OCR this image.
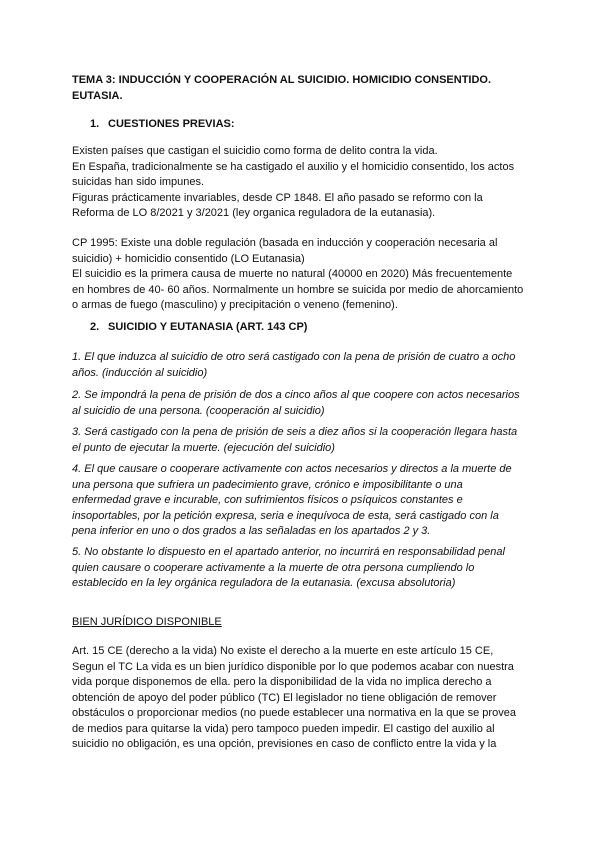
TEMA 3: INDUCCIÓN Y COOPERACIÓN AL SUICIDIO. HOMICIDIO CONSENTIDO.
EUTASIA.
1. CUESTIONES PREVIAS:
Existen países que castigan el suicidio como forma de delito contra la vida.
En España, tradicionalmente se ha castigado el auxilio y el homicidio consentido, los actos
suicidas han sido impunes.
Figuras prácticamente invariables, desde CP 1848. El año pasado se reformo con la
Reforma de LO 8/2021 y 3/2021 (ley organica reguladora de la eutanasia).
CP 1995: Existe una doble regulación (basada en inducción y cooperación necesaria al
suicidio) + homicidio consentido (LO Eutanasia)
El suicidio es la primera causa de muerte no natural (40000 en 2020) Más frecuentemente
en hombres de 40- 60 años. Normalmente un hombre se suicida por medio de ahorcamiento
o armas de fuego (masculino) y precipitación o veneno (femenino).
2. SUICIDIO Y EUTANASIA (ART. 143 CP)
1. El que induzca al suicidio de otro será castigado con la pena de prisión de cuatro a ocho
años. (inducción al suicidio)
2. Se impondrá la pena de prisión de dos a cinco años al que coopere con actos necesarios
al suicidio de una persona. (cooperación al suicidio)
3. Será castigado con la pena de prisión de seis a diez años si la cooperación llegara hasta
el punto de ejecutar la muerte. (ejecución del suicidio)
4. El que causare o cooperare activamente con actos necesarios y directos a la muerte de
una persona que sufriera un padecimiento grave, crónico e imposibilitante o una
enfermedad grave e incurable, con sufrimientos físicos o psíquicos constantes e
insoportables, por la petición expresa, seria e inequívoca de esta, será castigado con la
pena inferior en uno o dos grados a las señaladas en los apartados 2 y 3.
5. No obstante lo dispuesto en el apartado anterior, no incurrirá en responsabilidad penal
quien causare o cooperare activamente a la muerte de otra persona cumpliendo lo
establecido en la ley orgánica reguladora de la eutanasia. (excusa absolutoria)
BIEN JURÍDICO DISPONIBLE
Art. 15 CE (derecho a la vida) No existe el derecho a la muerte en este artículo 15 CE,
Segun el TC La vida es un bien jurídico disponible por lo que podemos acabar con nuestra
vida porque disponemos de ella. pero la disponibilidad de la vida no implica derecho a
obtención de apoyo del poder público (TC) El legislador no tiene obligación de remover
obstáculos o proporcionar medios (no puede establecer una normativa en la que se provea
de medios para quitarse la vida) pero tampoco pueden impedir. El castigo del auxilio al
suicidio no obligación, es una opción, previsiones en caso de conflicto entre la vida y la
